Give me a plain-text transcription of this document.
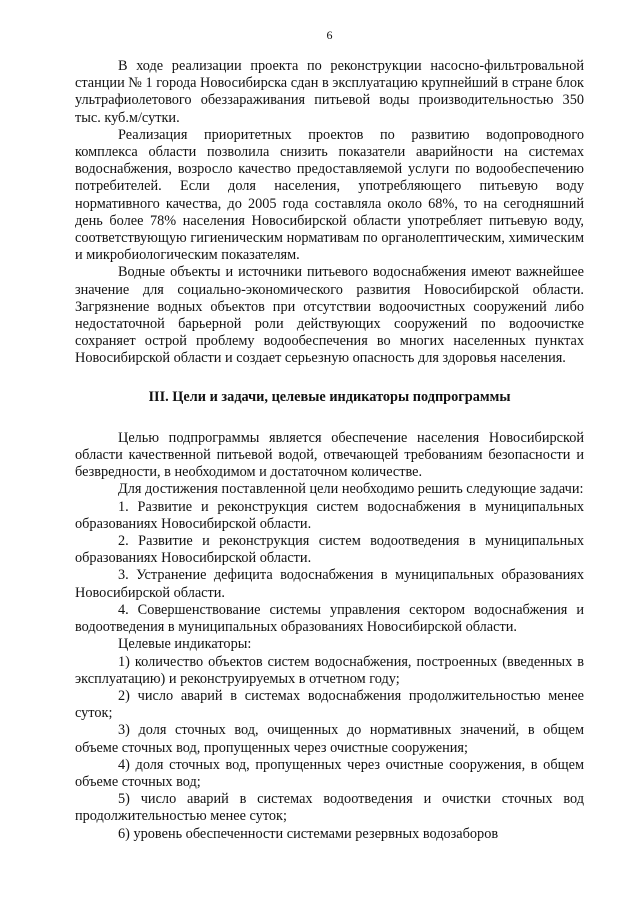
6

В ходе реализации проекта по реконструкции насосно-фильтровальной станции № 1 города Новосибирска сдан в эксплуатацию крупнейший в стране блок ультрафиолетового обеззараживания питьевой воды производительностью 350 тыс. куб.м/сутки.

Реализация приоритетных проектов по развитию водопроводного комплекса области позволила снизить показатели аварийности на системах водоснабжения, возросло качество предоставляемой услуги по водообеспечению потребителей. Если доля населения, употребляющего питьевую воду нормативного качества, до 2005 года составляла около 68%, то на сегодняшний день более 78% населения Новосибирской области употребляет питьевую воду, соответствующую гигиеническим нормативам по органолептическим, химическим и микробиологическим показателям.

Водные объекты и источники питьевого водоснабжения имеют важнейшее значение для социально-экономического развития Новосибирской области. Загрязнение водных объектов при отсутствии водоочистных сооружений либо недостаточной барьерной роли действующих сооружений по водоочистке сохраняет острой проблему водообеспечения во многих населенных пунктах Новосибирской области и создает серьезную опасность для здоровья населения.

III. Цели и задачи, целевые индикаторы подпрограммы

Целью подпрограммы является обеспечение населения Новосибирской области качественной питьевой водой, отвечающей требованиям безопасности и безвредности, в необходимом и достаточном количестве.

Для достижения поставленной цели необходимо решить следующие задачи:

1. Развитие и реконструкция систем водоснабжения в муниципальных образованиях Новосибирской области.

2. Развитие и реконструкция систем водоотведения в муниципальных образованиях Новосибирской области.

3. Устранение дефицита водоснабжения в муниципальных образованиях Новосибирской области.

4. Совершенствование системы управления сектором водоснабжения и водоотведения в муниципальных образованиях Новосибирской области.

Целевые индикаторы:

1) количество объектов систем водоснабжения, построенных (введенных в эксплуатацию) и реконструируемых в отчетном году;

2) число аварий в системах водоснабжения продолжительностью менее суток;

3) доля сточных вод, очищенных до нормативных значений, в общем объеме сточных вод, пропущенных через очистные сооружения;

4) доля сточных вод, пропущенных через очистные сооружения, в общем объеме сточных вод;

5) число аварий в системах водоотведения и очистки сточных вод продолжительностью менее суток;

6) уровень обеспеченности системами резервных водозаборов
